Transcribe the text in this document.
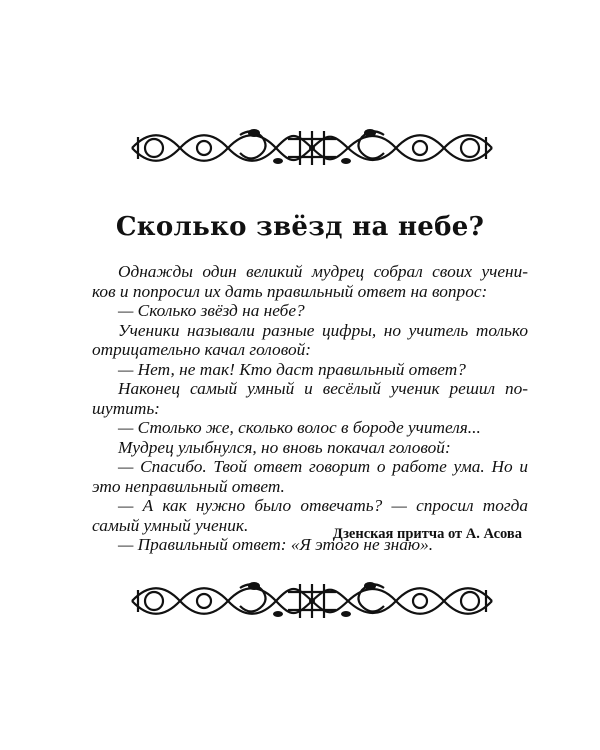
Сколько звёзд на небе?
Однажды один великий мудрец собрал своих учени-
ков и попросил их дать правильный ответ на вопрос:
— Сколько звёзд на небе?
Ученики называли разные цифры, но учитель только
отрицательно качал головой:
— Нет, не так! Кто даст правильный ответ?
Наконец самый умный и весёлый ученик решил по-
шутить:
— Столько же, сколько волос в бороде учителя...
Мудрец улыбнулся, но вновь покачал головой:
— Спасибо. Твой ответ говорит о работе ума. Но и
это неправильный ответ.
— А как нужно было отвечать? — спросил тогда
самый умный ученик.
— Правильный ответ: «Я этого не знаю».
Дзенская притча от А. Асова
